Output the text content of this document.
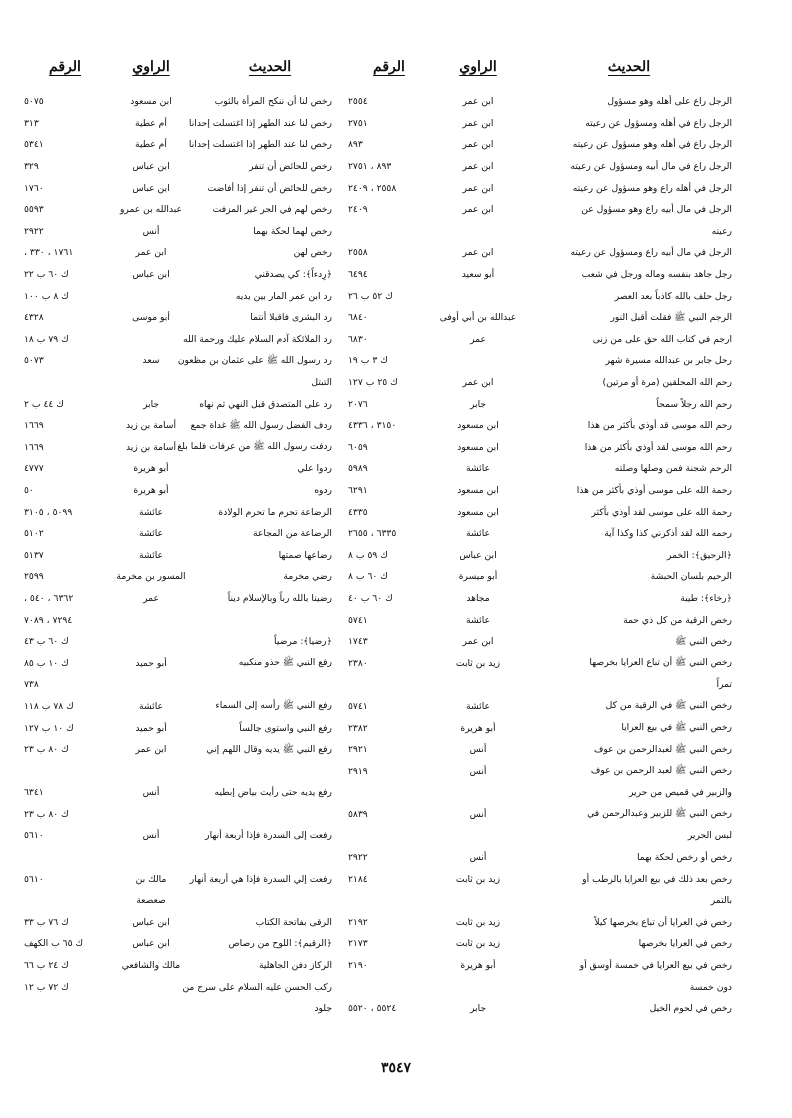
الحديث
الراوي
الرقم
الحديث
الراوي
الرقم
الرجل راع على أهله وهو مسؤول
ابن عمر
٢٥٥٤
رخص لنا أن ننكح المرأة بالثوب
ابن مسعود
٥٠٧٥
الرجل راع في أهله ومسؤول عن رعيته
ابن عمر
٢٧٥١
رخص لنا عند الطهر إذا اغتسلت إحدانا
أم عطية
٣١٣
الرجل راع في أهله وهو مسؤول عن رعيته
ابن عمر
٨٩٣
رخص لنا عند الطهر إذا اغتسلت إحدانا
أم عطية
٥٣٤١
الرجل راع في مال أبيه ومسؤول عن رعيته
ابن عمر
٨٩٣ ، ٢٧٥١
رخص للحائض أن تنفر
ابن عباس
٣٢٩
الرجل في أهله راع وهو مسؤول عن رعيته
ابن عمر
٢٥٥٨ ، ٢٤٠٩
رخص للحائض أن تنفر إذا أفاضت
ابن عباس
١٧٦٠
الرجل في مال أبيه راع وهو مسؤول عن
ابن عمر
٢٤٠٩
رخص لهم في الجر غير المزفت
عبدالله بن عمرو
٥٥٩٣
رعيته
رخص لهما لحكة بهما
أنس
٢٩٢٢
الرجل في مال أبيه راع ومسؤول عن رعيته
ابن عمر
٢٥٥٨
رخص لهن
ابن عمر
١٧٦١ ، ٣٣٠ ،
رجل جاهد بنفسه وماله ورجل في شعب
أبو سعيد
٦٤٩٤
﴿رِدءاً﴾: كي يصدقني
ابن عباس
ك ٦٠ ب ٢٢
رجل حلف بالله كاذباً بعد العصر
ك ٥٢ ب ٢٦
رد ابن عمر المار بين يديه
ك ٨ ب ١٠٠
الرجم النبي ﷺ فقلت أقبل النور
عبدالله بن أبي أوفى
٦٨٤٠
رد البشرى فاقبلا أنتما
أبو موسى
٤٣٢٨
ارجم في كتاب الله حق على من زنى
عمر
٦٨٣٠
رد الملائكة آدم السلام عليك ورحمة الله
ك ٧٩ ب ١٨
رحل جابر بن عبدالله مسيرة شهر
ك ٣ ب ١٩
رد رسول الله ﷺ على عثمان بن مظعون
سعد
٥٠٧٣
رحم الله المحلقين (مرة أو مرتين)
ابن عمر
ك ٢٥ ب ١٢٧
التبتل
رحم الله رجلاً سمحاً
جابر
٢٠٧٦
رد على المتصدق قبل النهي ثم نهاه
جابر
ك ٤٤ ب ٢
رحم الله موسى قد أوذي بأكثر من هذا
ابن مسعود
٣١٥٠ ، ٤٣٣٦
ردف الفضل رسول الله ﷺ غداة جمع
أسامة بن زيد
١٦٦٩
رحم الله موسى لقد أوذي بأكثر من هذا
ابن مسعود
٦٠٥٩
ردفت رسول الله ﷺ من عرفات فلما بلغ
أسامة بن زيد
١٦٦٩
الرحم شجنة فمن وصلها وصلته
عائشة
٥٩٨٩
ردوا علي
أبو هريرة
٤٧٧٧
رحمة الله على موسى أوذي بأكثر من هذا
ابن مسعود
٦٢٩١
ردوه
أبو هريرة
٥٠
رحمة الله على موسى لقد أوذي بأكثر
ابن مسعود
٤٣٣٥
الرضاعة تحرم ما تحرم الولادة
عائشة
٥٠٩٩ ، ٣١٠٥
رحمه الله لقد أذكرني كذا وكذا آية
عائشة
٦٣٣٥ ، ٢٦٥٥
الرضاعة من المجاعة
عائشة
٥١٠٢
﴿الرحيق﴾: الخمر
ابن عباس
ك ٥٩ ب ٨
رضاعها صمتها
عائشة
٥١٣٧
الرحيم بلسان الحبشة
أبو ميسرة
ك ٦٠ ب ٨
رضي مخرمة
المسور بن مخرمة
٢٥٩٩
﴿رخاء﴾: طيبة
مجاهد
ك ٦٠ ب ٤٠
رضينا بالله رباً وبالإسلام ديناً
عمر
٦٣٦٢ ، ٥٤٠ ،
رخص الرقية من كل ذي حمة
عائشة
٥٧٤١
٧٢٩٤ ، ٧٠٨٩
رخص النبي ﷺ
ابن عمر
١٧٤٣
﴿رضيا﴾: مرضياً
ك ٦٠ ب ٤٣
رخص النبي ﷺ أن تباع العرايا بخرصها
زيد بن ثابت
٢٣٨٠
رفع النبي ﷺ حذو منكبيه
أبو حميد
ك ١٠ ب ٨٥
تمراً
٧٣٨
رخص النبي ﷺ في الرقية من كل
عائشة
٥٧٤١
رفع النبي ﷺ رأسه إلى السماء
عائشة
ك ٧٨ ب ١١٨
رخص النبي ﷺ في بيع العرايا
أبو هريرة
٢٣٨٢
رفع النبي واستوى جالساً
أبو حميد
ك ١٠ ب ١٢٧
رخص النبي ﷺ لعبدالرحمن بن عوف
أنس
٢٩٢١
رفع النبي ﷺ يديه وقال اللهم إني
ابن عمر
ك ٨٠ ب ٢٣
رخص النبي ﷺ لعبد الرحمن بن عوف
أنس
٢٩١٩
والزبير في قميص من حرير
رفع يديه حتى رأيت بياض إبطيه
أنس
٦٣٤١
رخص النبي ﷺ للزبير وعبدالرحمن في
أنس
٥٨٣٩
ك ٨٠ ب ٢٣
لبس الحرير
رفعت إلى السدرة فإذا أربعة أنهار
أنس
٥٦١٠
رخص أو رخص لحكة بهما
أنس
٢٩٢٢
رخص بعد ذلك في بيع العرايا بالرطب أو
زيد بن ثابت
٢١٨٤
رفعت إلي السدرة فإذا هي أربعة أنهار
مالك بن
٥٦١٠
بالتمر
صعصعة
رخص في العرايا أن تباع بخرصها كيلاً
زيد بن ثابت
٢١٩٢
الرقى بفاتحة الكتاب
ابن عباس
ك ٧٦ ب ٣٣
رخص في العرايا بخرصها
زيد بن ثابت
٢١٧٣
﴿الرقيم﴾: اللوح من رصاص
ابن عباس
ك ٦٥ ب الكهف
رخص في بيع العرايا في خمسة أوسق أو
أبو هريرة
٢١٩٠
الركاز دفن الجاهلية
مالك والشافعي
ك ٢٤ ب ٦٦
دون خمسة
ركب الحسن عليه السلام على سرج من
ك ٧٢ ب ١٢
رخص في لحوم الخيل
جابر
٥٥٢٤ ، ٥٥٢٠
جلود
٣٥٤٧
